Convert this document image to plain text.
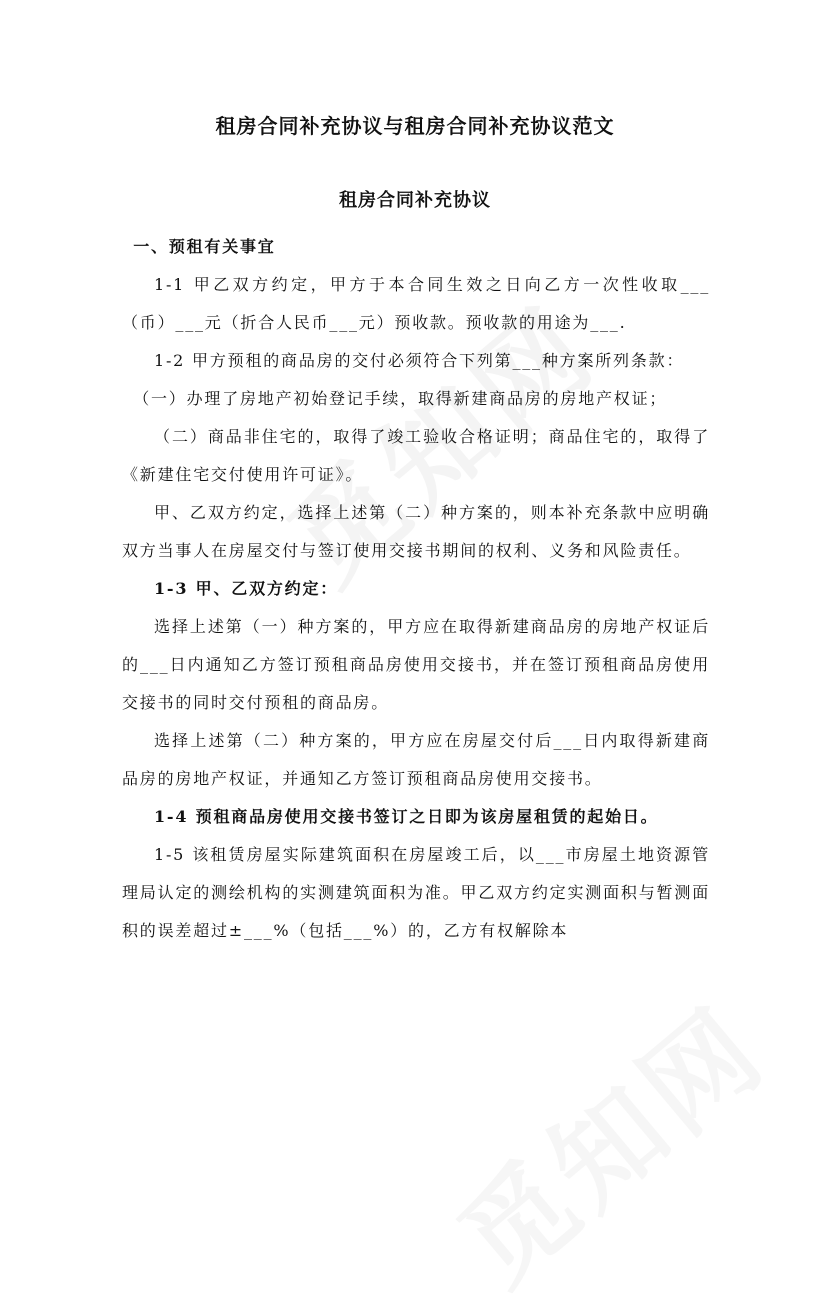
租房合同补充协议与租房合同补充协议范文
租房合同补充协议

一、预租有关事宜

1-1 甲乙双方约定，甲方于本合同生效之日向乙方一次性收取___（币）___元（折合人民币___元）预收款。预收款的用途为___.

1-2 甲方预租的商品房的交付必须符合下列第___种方案所列条款：

（一）办理了房地产初始登记手续，取得新建商品房的房地产权证；

（二）商品非住宅的，取得了竣工验收合格证明；商品住宅的，取得了《新建住宅交付使用许可证》。

甲、乙双方约定，选择上述第（二）种方案的，则本补充条款中应明确双方当事人在房屋交付与签订使用交接书期间的权利、义务和风险责任。

1-3 甲、乙双方约定：

选择上述第（一）种方案的，甲方应在取得新建商品房的房地产权证后的___日内通知乙方签订预租商品房使用交接书，并在签订预租商品房使用交接书的同时交付预租的商品房。

选择上述第（二）种方案的，甲方应在房屋交付后___日内取得新建商品房的房地产权证，并通知乙方签订预租商品房使用交接书。

1-4 预租商品房使用交接书签订之日即为该房屋租赁的起始日。

1-5 该租赁房屋实际建筑面积在房屋竣工后，以___市房屋土地资源管理局认定的测绘机构的实测建筑面积为准。甲乙双方约定实测面积与暂测面积的误差超过±___%（包括___%）的，乙方有权解除本
